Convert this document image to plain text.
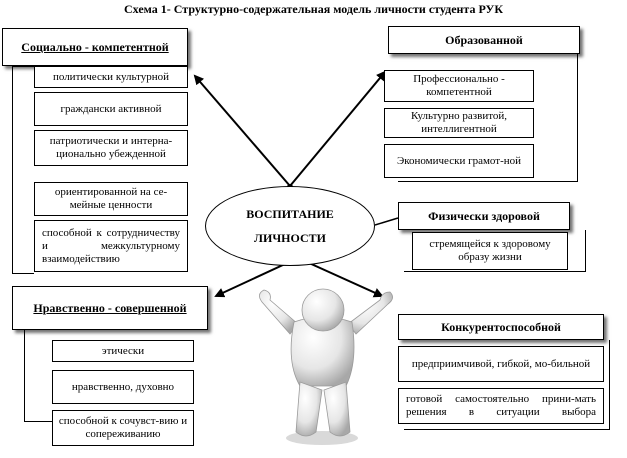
Схема 1- Структурно-содержательная модель личности студента РУК
Социально - компетентной
политически культурной
граждански активной
патриотически и интерна-ционально убежденной
ориентированной на се-мейные ценности
способной к сотрудничеству и межкультурному взаимодействию
Образованной
Профессионально - компетентной
Культурно развитой, интеллигентной
Экономически грамот-ной
Физически здоровой
стремящейся к здоровому образу жизни
Нравственно - совершенной
этически
нравственно, духовно
способной к сочувст-вию и сопереживанию
Конкурентоспособной
предприимчивой, гибкой, мо-бильной
готовой самостоятельно прини-мать решения в ситуации выбора
ВОСПИТАНИЕ
ЛИЧНОСТИ
